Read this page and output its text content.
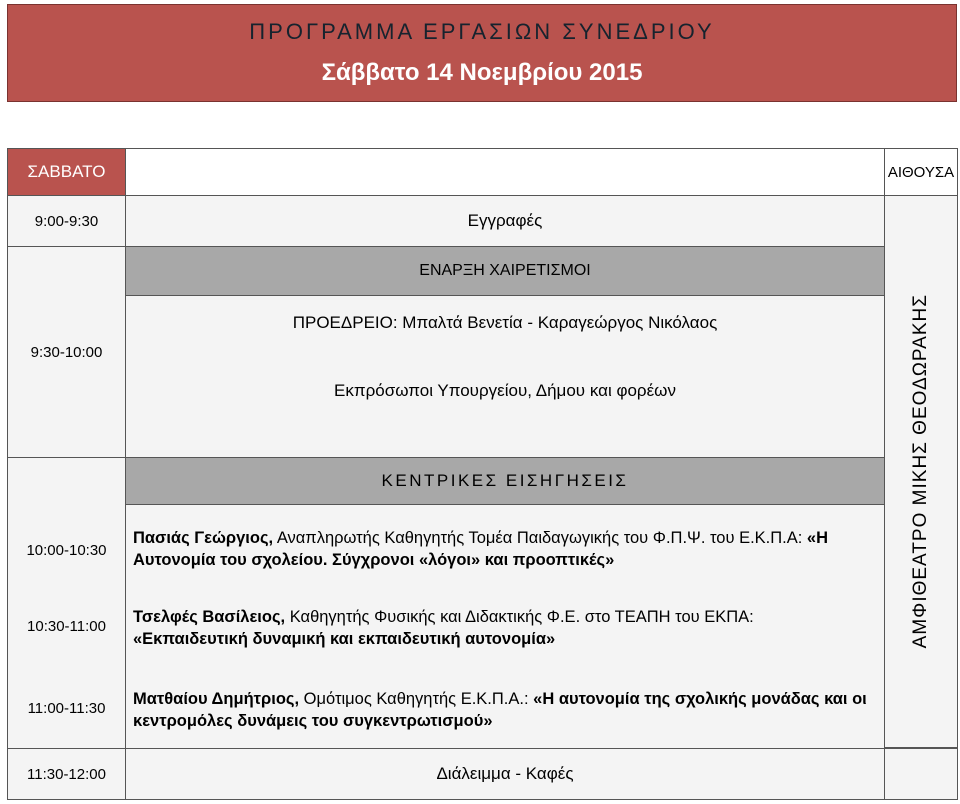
ΠΡΟΓΡΑΜΜΑ ΕΡΓΑΣΙΩΝ ΣΥΝΕΔΡΙΟΥ
Σάββατο 14 Νοεμβρίου 2015
ΣΑΒΒΑΤΟ	ΑΙΘΟΥΣΑ
9:00-9:30
9:30-10:00
10:00-10:30
10:30-11:00
11:00-11:30
11:30-12:00
Εγγραφές
ΕΝΑΡΞΗ ΧΑΙΡΕΤΙΣΜΟΙ
ΠΡΟΕΔΡΕΙΟ: Μπαλτά Βενετία - Καραγεώργος Νικόλαος
Εκπρόσωποι Υπουργείου, Δήμου και φορέων
ΚΕΝΤΡΙΚΕΣ ΕΙΣΗΓΗΣΕΙΣ
Πασιάς Γεώργιος, Αναπληρωτής Καθηγητής Τομέα Παιδαγωγικής του Φ.Π.Ψ. του Ε.Κ.Π.Α: «Η Αυτονομία του σχολείου. Σύγχρονοι «λόγοι» και προοπτικές»
Τσελφές Βασίλειος, Καθηγητής Φυσικής και Διδακτικής Φ.Ε. στο ΤΕΑΠΗ του ΕΚΠΑ: «Εκπαιδευτική δυναμική και εκπαιδευτική αυτονομία»
Ματθαίου Δημήτριος, Ομότιμος Καθηγητής Ε.Κ.Π.Α.: «Η αυτονομία της σχολικής μονάδας και οι κεντρομόλες δυνάμεις του συγκεντρωτισμού»
Διάλειμμα - Καφές
ΑΜΦΙΘΕΑΤΡΟ ΜΙΚΗΣ ΘΕΟΔΩΡΑΚΗΣ
